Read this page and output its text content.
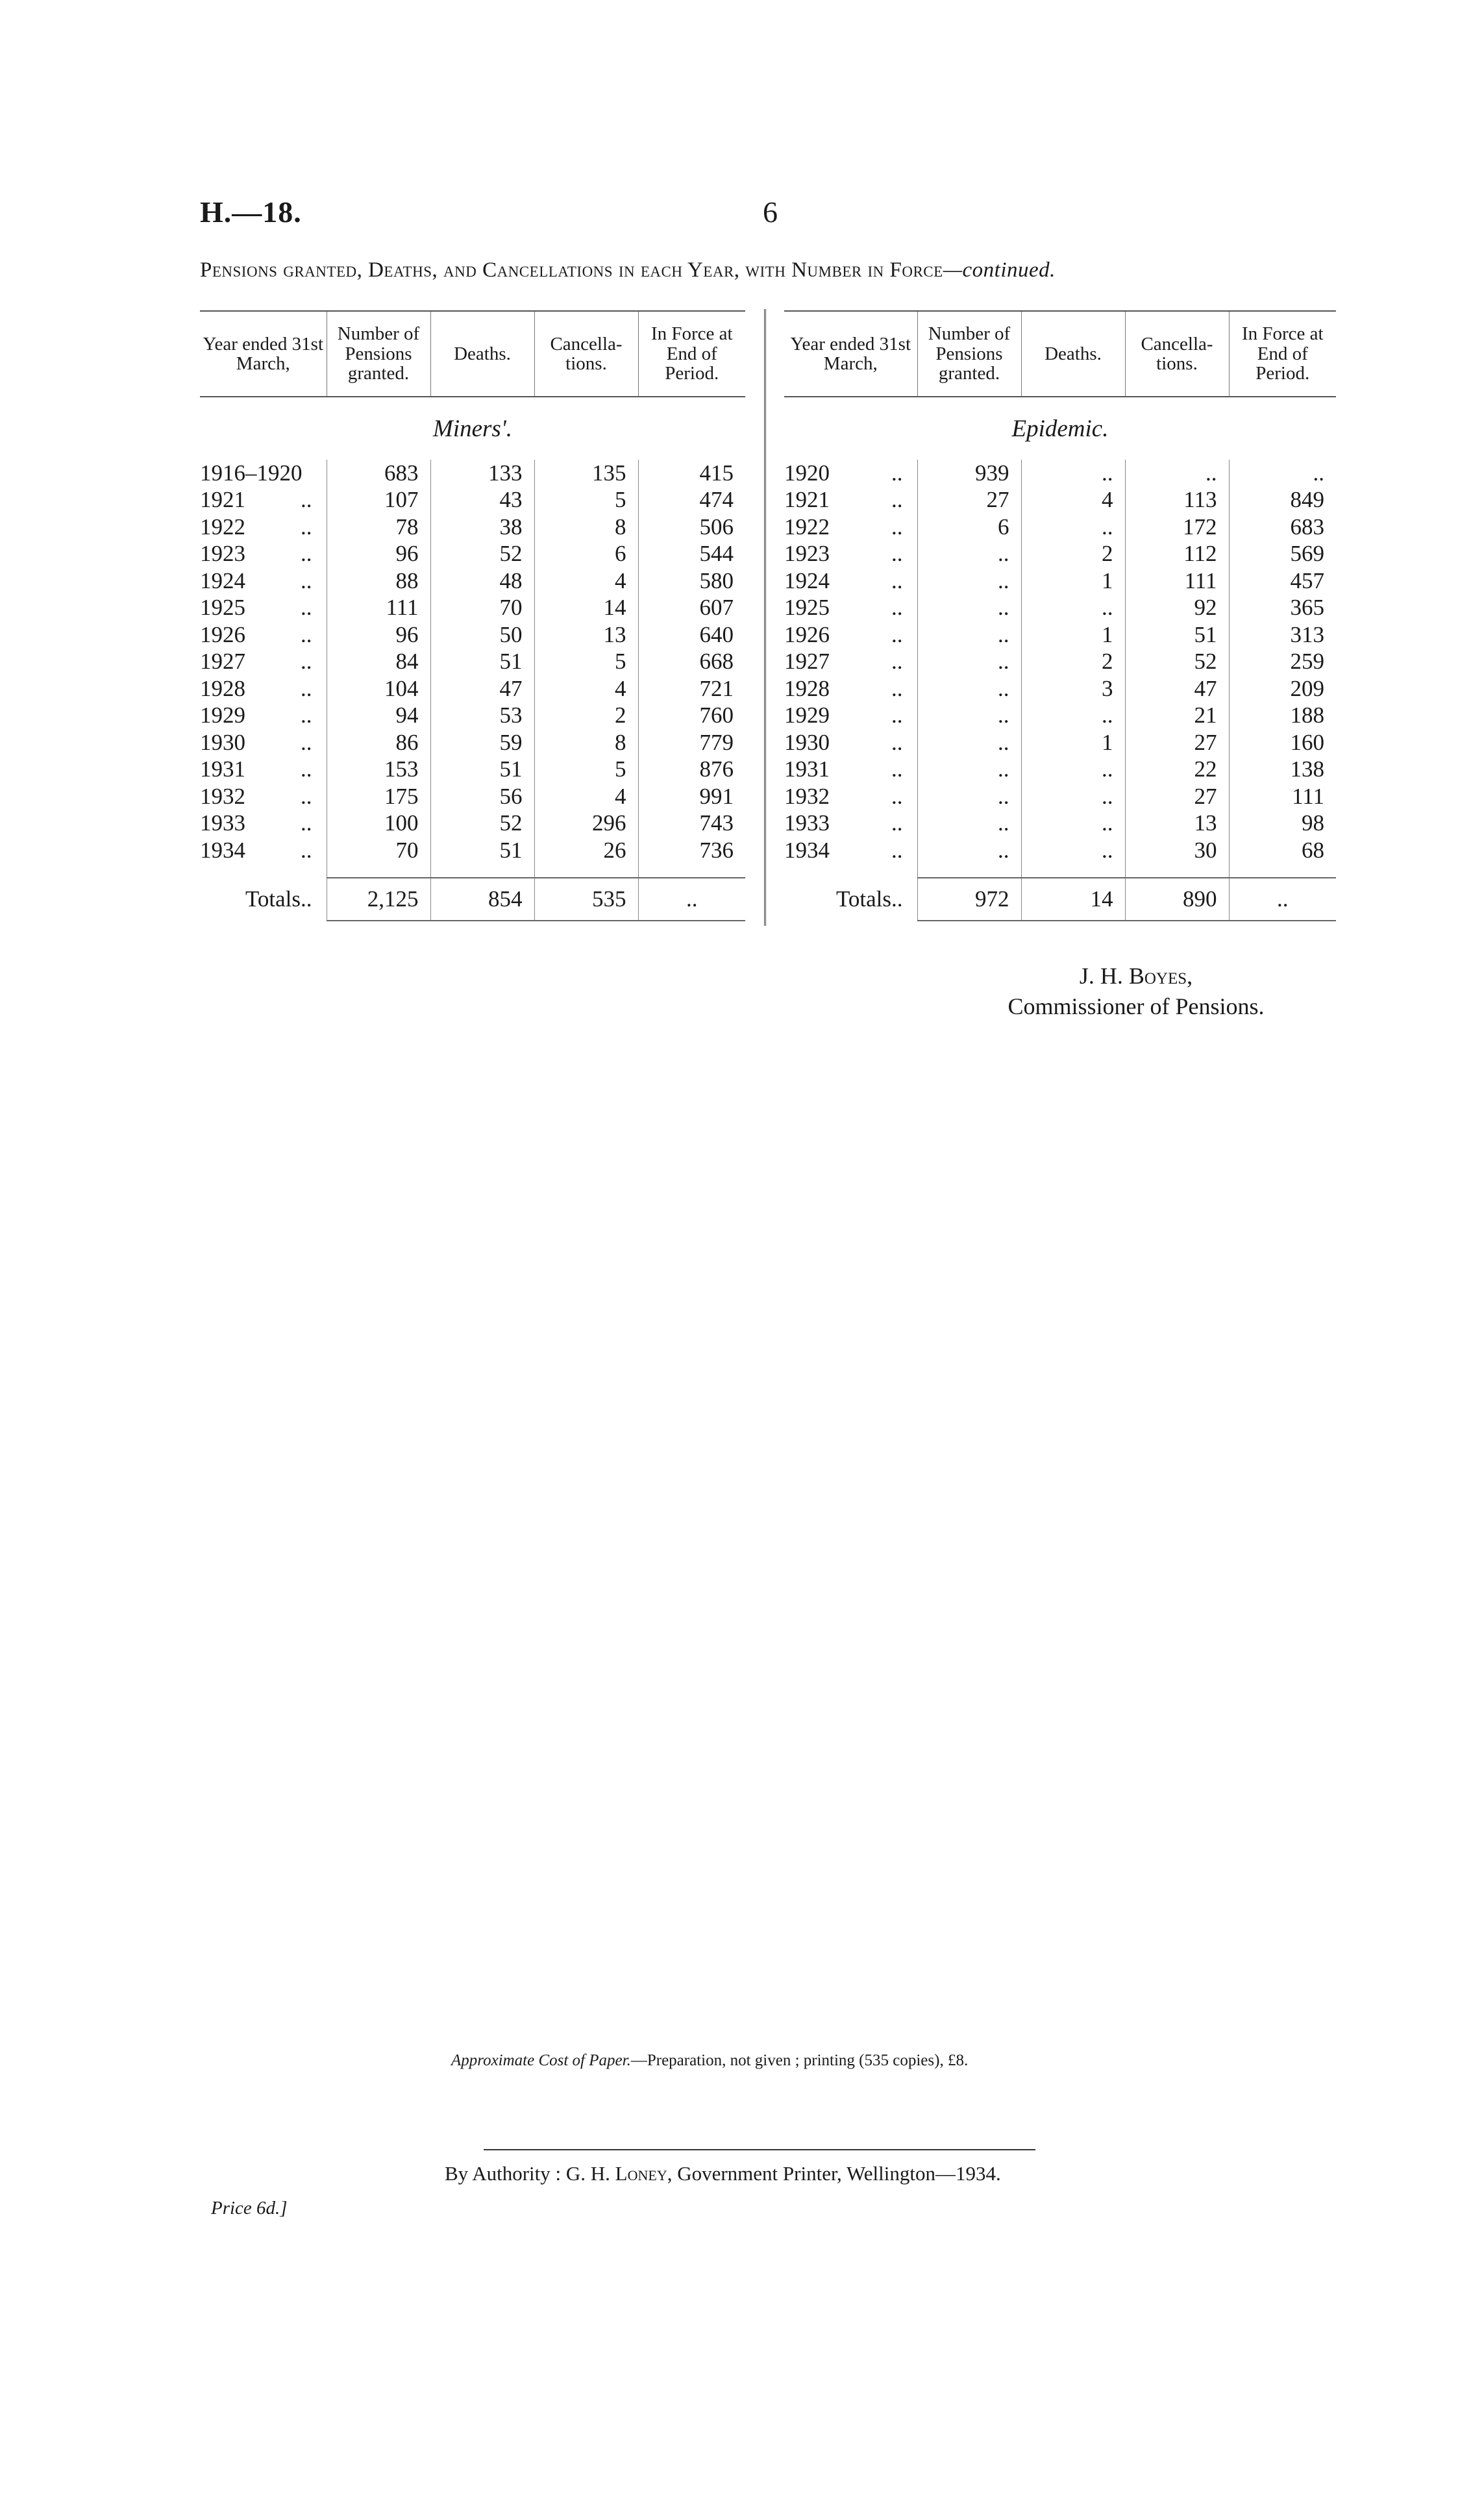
H.—18.	6
Pensions granted, Deaths, and Cancellations in each Year, with Number in Force—continued.
Year ended 31st March,	Number of Pensions granted.	Deaths.	Cancella-tions.	In Force at End of Period.
Miners'.				

1916–1920	683	133	135	415

..
1921	107	43	5	474

..
1922	78	38	8	506

..
1923	96	52	6	544

..
1924	88	48	4	580

..
1925	111	70	14	607

..
1926	96	50	13	640

..
1927	84	51	5	668

..
1928	104	47	4	721

..
1929	94	53	2	760

..
1930	86	59	8	779

..
1931	153	51	5	876

..
1932	175	56	4	991

..
1933	100	52	296	743

..
1934	70	51	26	736

Totals..	2,125	854	535	..
Year ended 31st March,	Number of Pensions granted.	Deaths.	Cancella-tions.	In Force at End of Period.
Epidemic.				

..
1920	939	..	..	..

..
1921	27	4	113	849

..
1922	6	..	172	683

..
1923	..	2	112	569

..
1924	..	1	111	457

..
1925	..	..	92	365

..
1926	..	1	51	313

..
1927	..	2	52	259

..
1928	..	3	47	209

..
1929	..	..	21	188

..
1930	..	1	27	160

..
1931	..	..	22	138

..
1932	..	..	27	111

..
1933	..	..	13	98

..
1934	..	..	30	68

Totals..	972	14	890	..
J. H. Boyes,
Commissioner of Pensions.
Approximate Cost of Paper.—Preparation, not given ; printing (535 copies), £8.
By Authority : G. H. Loney, Government Printer, Wellington—1934.
Price 6d.]
